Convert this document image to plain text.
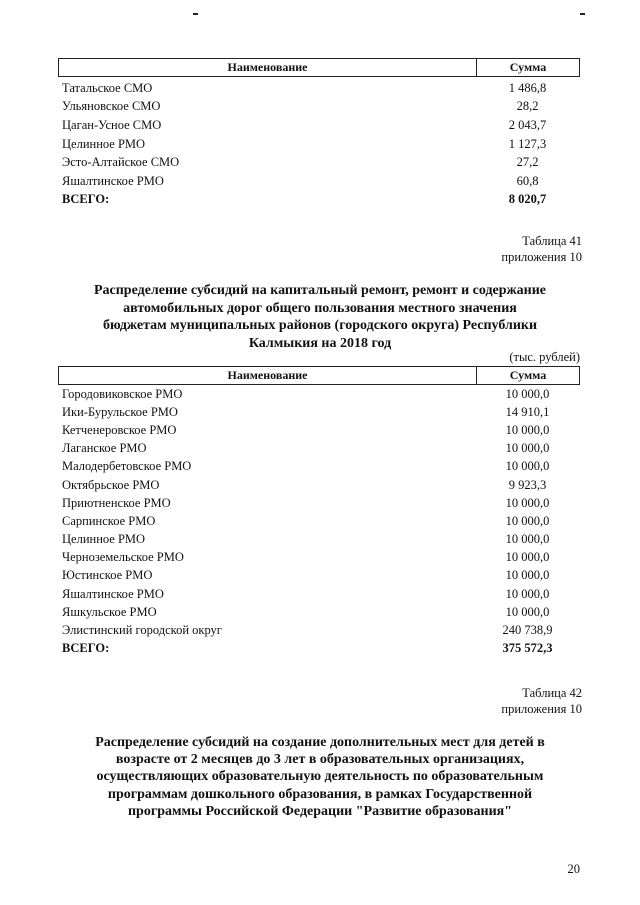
Наименование	Сумма
Татальское СМО	1 486,8
Ульяновское СМО	28,2
Цаган-Усное СМО	2 043,7
Целинное РМО	1 127,3
Эсто-Алтайское СМО	27,2
Яшалтинское РМО	60,8
ВСЕГО:	8 020,7
Таблица 41
приложения 10
Распределение субсидий на капитальный ремонт, ремонт и содержание
автомобильных дорог общего пользования местного значения
бюджетам муниципальных районов (городского округа) Республики
Калмыкия на 2018 год
(тыс. рублей)
Наименование	Сумма
Городовиковское РМО	10 000,0
Ики-Бурульское РМО	14 910,1
Кетченеровское РМО	10 000,0
Лаганское РМО	10 000,0
Малодербетовское РМО	10 000,0
Октябрьское РМО	9 923,3
Приютненское РМО	10 000,0
Сарпинское РМО	10 000,0
Целинное РМО	10 000,0
Черноземельское РМО	10 000,0
Юстинское РМО	10 000,0
Яшалтинское РМО	10 000,0
Яшкульское РМО	10 000,0
Элистинский городской округ	240 738,9
ВСЕГО:	375 572,3
Таблица 42
приложения 10
Распределение субсидий на создание дополнительных мест для детей в
возрасте от 2 месяцев до 3 лет в образовательных организациях,
осуществляющих образовательную деятельность по образовательным
программам дошкольного образования, в рамках Государственной
программы Российской Федерации "Развитие образования"
20
